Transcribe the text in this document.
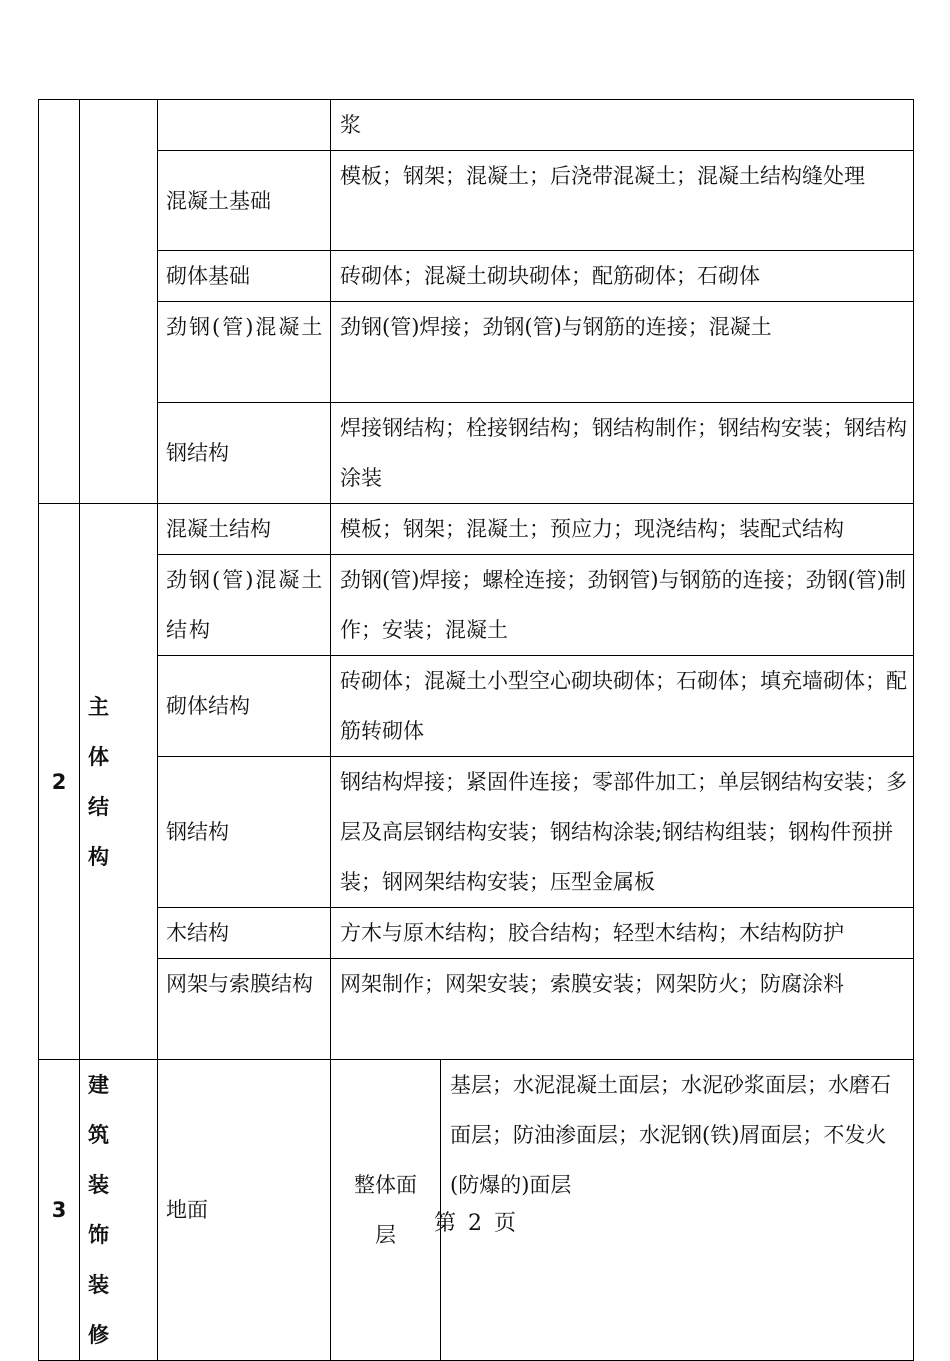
			浆	
		混凝土基础	模板；钢架；混凝土；后浇带混凝土；混凝土结构缝处理	
		砌体基础	砖砌体；混凝土砌块砌体；配筋砌体；石砌体	
		劲钢(管)混凝土	劲钢(管)焊接；劲钢(管)与钢筋的连接；混凝土	
		钢结构	焊接钢结构；栓接钢结构；钢结构制作；钢结构安装；钢结构涂装	
2	主体结构	混凝土结构	模板；钢架；混凝土；预应力；现浇结构；装配式结构	
		劲钢(管)混凝土结构	劲钢(管)焊接；螺栓连接；劲钢管)与钢筋的连接；劲钢(管)制作；安装；混凝土	
		砌体结构	砖砌体；混凝土小型空心砌块砌体；石砌体；填充墙砌体；配筋转砌体	
		钢结构	钢结构焊接；紧固件连接；零部件加工；单层钢结构安装；多层及高层钢结构安装；钢结构涂装;钢结构组装；钢构件预拼装；钢网架结构安装；压型金属板	
		木结构	方木与原木结构；胶合结构；轻型木结构；木结构防护	
		网架与索膜结构	网架制作；网架安装；索膜安装；网架防火；防腐涂料	
3	建筑装饰装修	地面	整体面层	基层；水泥混凝土面层；水泥砂浆面层；水磨石面层；防油渗面层；水泥钢(铁)屑面层；不发火(防爆的)面层
第 2 页
